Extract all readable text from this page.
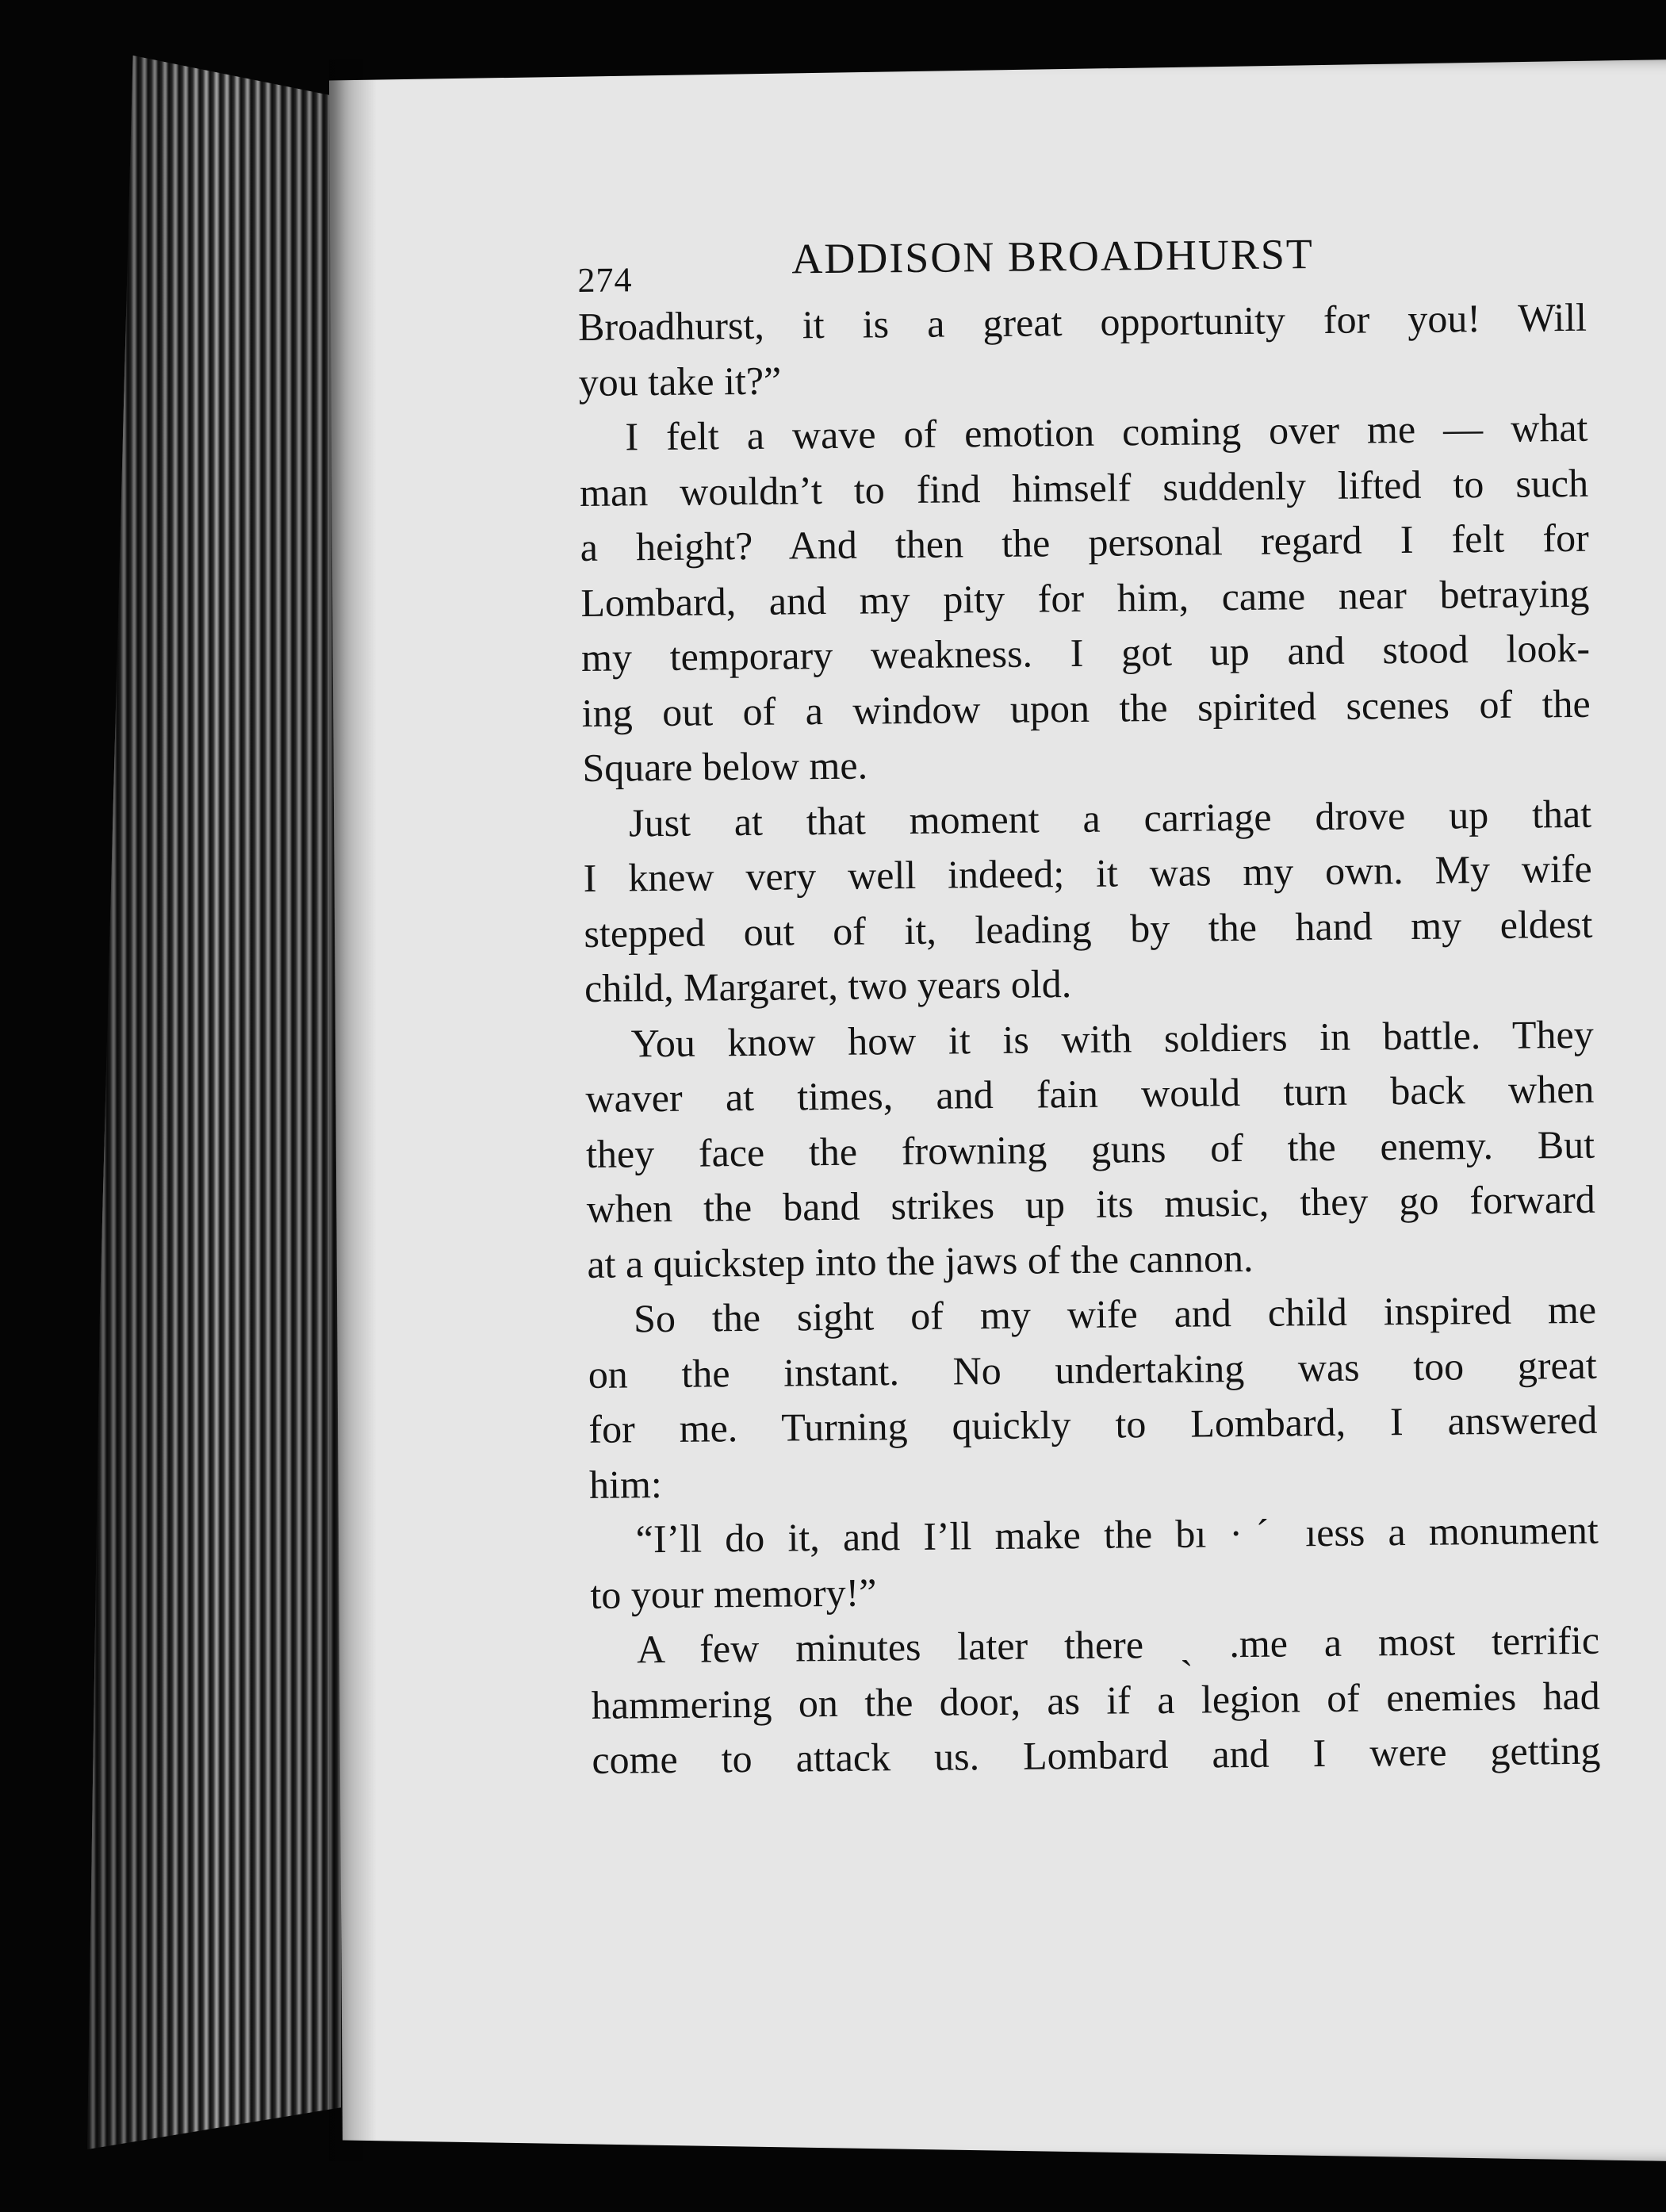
274	ADDISON BROADHURST
Broadhurst, it is a great opportunity for you! Will
you take it?”
I felt a wave of emotion coming over me — what
man wouldn’t to find himself suddenly lifted to such
a height? And then the personal regard I felt for
Lombard, and my pity for him, came near betraying
my temporary weakness. I got up and stood look-
ing out of a window upon the spirited scenes of the
Square below me.
Just at that moment a carriage drove up that
I knew very well indeed; it was my own. My wife
stepped out of it, leading by the hand my eldest
child, Margaret, two years old.
You know how it is with soldiers in battle. They
waver at times, and fain would turn back when
they face the frowning guns of the enemy. But
when the band strikes up its music, they go forward
at a quickstep into the jaws of the cannon.
So the sight of my wife and child inspired me
on the instant. No undertaking was too great
for me. Turning quickly to Lombard, I answered
him:
“I’ll do it, and I’ll make the bı ·ˊ ıess a monument
to your memory!”
A few minutes later there ˎ .me a most terrific
hammering on the door, as if a legion of enemies had
come to attack us. Lombard and I were getting
